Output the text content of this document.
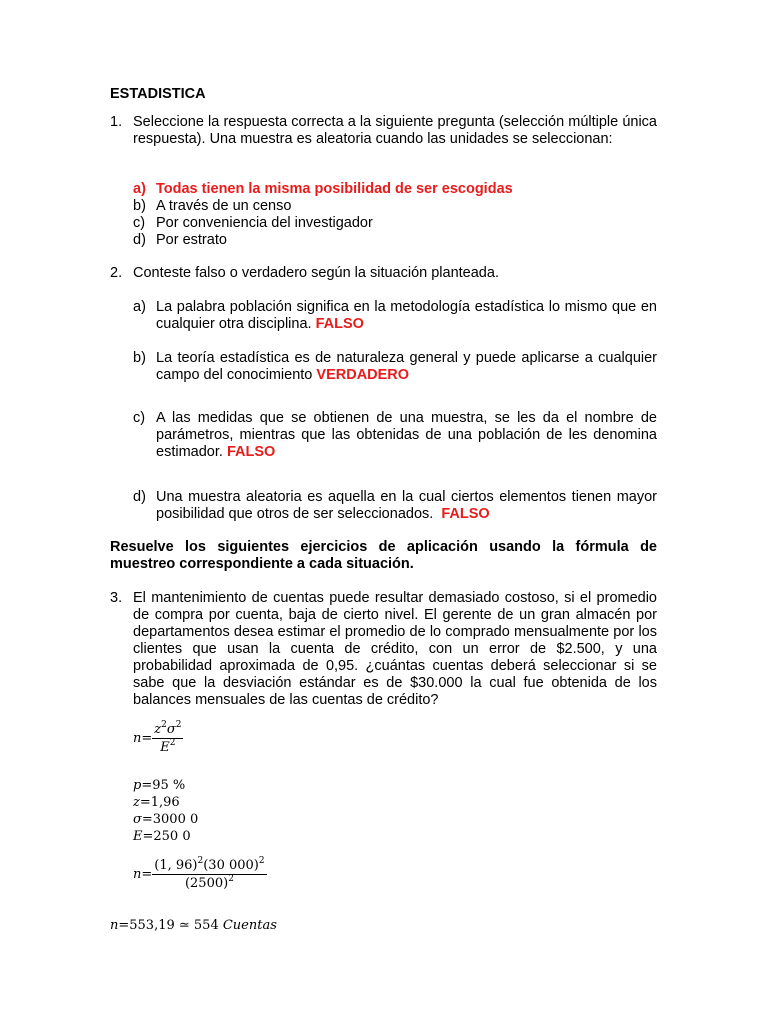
ESTADISTICA
1. Seleccione la respuesta correcta a la siguiente pregunta (selección múltiple única respuesta). Una muestra es aleatoria cuando las unidades se seleccionan:
a) Todas tienen la misma posibilidad de ser escogidas
b) A través de un censo
c) Por conveniencia del investigador
d) Por estrato
2. Conteste falso o verdadero según la situación planteada.
a) La palabra población significa en la metodología estadística lo mismo que en cualquier otra disciplina. FALSO
b) La teoría estadística es de naturaleza general y puede aplicarse a cualquier campo del conocimiento VERDADERO
c) A las medidas que se obtienen de una muestra, se les da el nombre de parámetros, mientras que las obtenidas de una población de les denomina estimador. FALSO
d) Una muestra aleatoria es aquella en la cual ciertos elementos tienen mayor posibilidad que otros de ser seleccionados. FALSO
Resuelve los siguientes ejercicios de aplicación usando la fórmula de muestreo correspondiente a cada situación.
3. El mantenimiento de cuentas puede resultar demasiado costoso, si el promedio de compra por cuenta, baja de cierto nivel. El gerente de un gran almacén por departamentos desea estimar el promedio de lo comprado mensualmente por los clientes que usan la cuenta de crédito, con un error de $2.500, y una probabilidad aproximada de 0,95. ¿cuántas cuentas deberá seleccionar si se sabe que la desviación estándar es de $30.000 la cual fue obtenida de los balances mensuales de las cuentas de crédito?
$n= \frac{z^2\sigma^2}{E^2}$
p=95 %
z=1,96
σ=3000 0
E=250 0
$n= \frac{(1, 96)^2(30 000)^2}{(2500)^2}$
n=553,19 ≃ 554 Cuentas
